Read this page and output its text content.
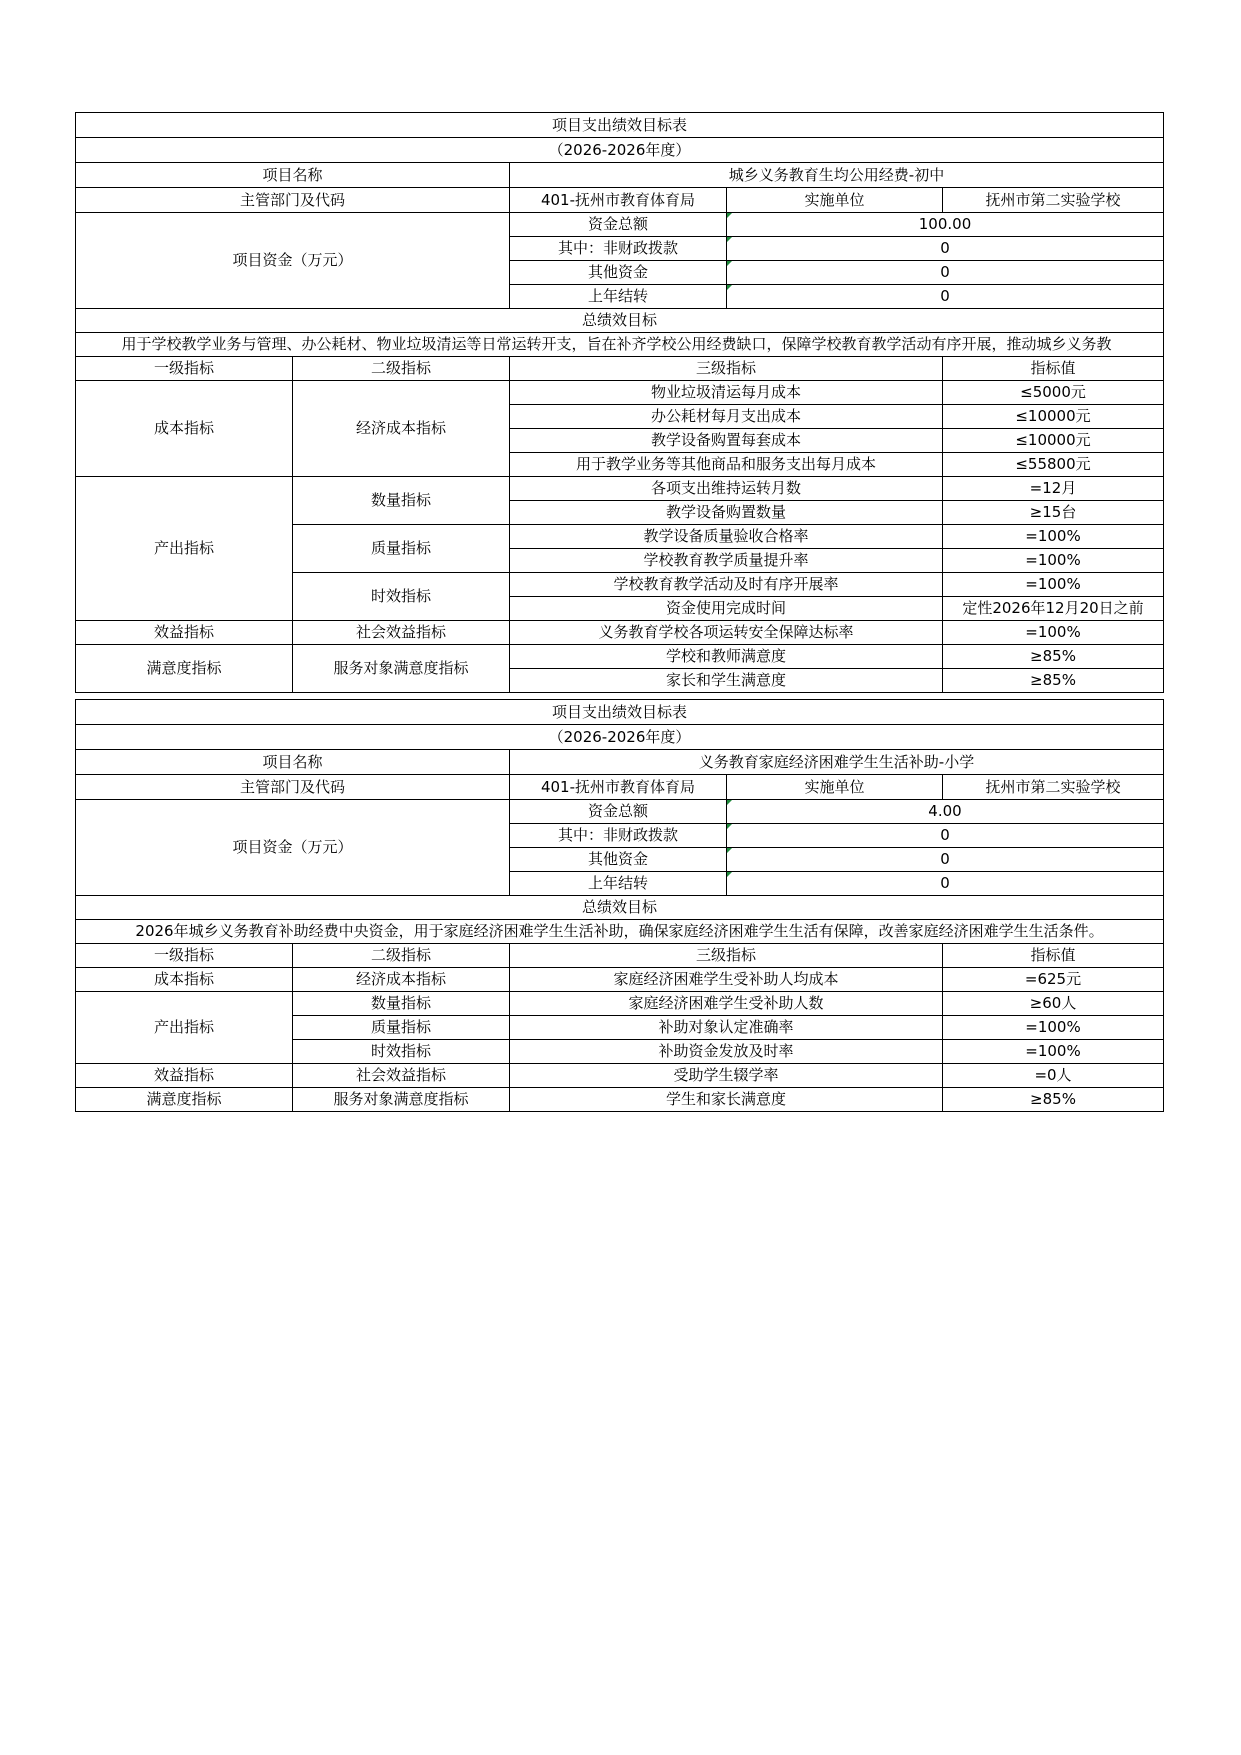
项目支出绩效目标表				
（2026-2026年度）				
项目名称		城乡义务教育生均公用经费-初中		
主管部门及代码		401-抚州市教育体育局	实施单位	抚州市第二实验学校
项目资金（万元）		资金总额	100.00	
		其中：非财政拨款	0	
		其他资金	0	
		上年结转	0	
总绩效目标				
用于学校教学业务与管理、办公耗材、物业垃圾清运等日常运转开支，旨在补齐学校公用经费缺口，保障学校教育教学活动有序开展，推动城乡义务教				
一级指标	二级指标	三级指标		指标值
成本指标	经济成本指标	物业垃圾清运每月成本		≤5000元
		办公耗材每月支出成本		≤10000元
		教学设备购置每套成本		≤10000元
		用于教学业务等其他商品和服务支出每月成本		≤55800元
产出指标	数量指标	各项支出维持运转月数		=12月
		教学设备购置数量		≥15台
	质量指标	教学设备质量验收合格率		=100%
		学校教育教学质量提升率		=100%
	时效指标	学校教育教学活动及时有序开展率		=100%
		资金使用完成时间		定性2026年12月20日之前
效益指标	社会效益指标	义务教育学校各项运转安全保障达标率		=100%
满意度指标	服务对象满意度指标	学校和教师满意度		≥85%
		家长和学生满意度		≥85%
项目支出绩效目标表				
（2026-2026年度）				
项目名称		义务教育家庭经济困难学生生活补助-小学		
主管部门及代码		401-抚州市教育体育局	实施单位	抚州市第二实验学校
项目资金（万元）		资金总额	4.00	
		其中：非财政拨款	0	
		其他资金	0	
		上年结转	0	
总绩效目标				
2026年城乡义务教育补助经费中央资金，用于家庭经济困难学生生活补助，确保家庭经济困难学生生活有保障，改善家庭经济困难学生生活条件。				
一级指标	二级指标	三级指标		指标值
成本指标	经济成本指标	家庭经济困难学生受补助人均成本		=625元
产出指标	数量指标	家庭经济困难学生受补助人数		≥60人
	质量指标	补助对象认定准确率		=100%
	时效指标	补助资金发放及时率		=100%
效益指标	社会效益指标	受助学生辍学率		=0人
满意度指标	服务对象满意度指标	学生和家长满意度		≥85%
